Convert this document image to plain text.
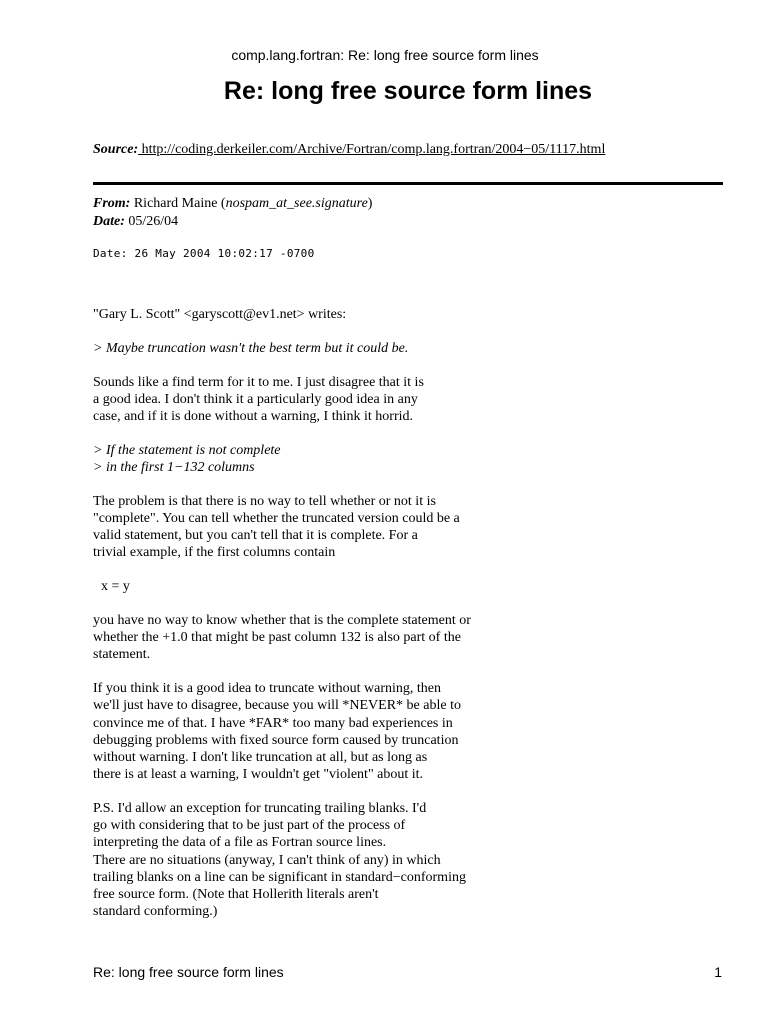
comp.lang.fortran: Re: long free source form lines
Re: long free source form lines
Source: http://coding.derkeiler.com/Archive/Fortran/comp.lang.fortran/2004−05/1117.html
From: Richard Maine (nospam_at_see.signature)
Date: 05/26/04
Date: 26 May 2004 10:02:17 -0700

"Gary L. Scott" <garyscott@ev1.net> writes:

> Maybe truncation wasn't the best term but it could be.

Sounds like a find term for it to me. I just disagree that it is
a good idea. I don't think it a particularly good idea in any
case, and if it is done without a warning, I think it horrid.

> If the statement is not complete
> in the first 1−132 columns

The problem is that there is no way to tell whether or not it is
"complete". You can tell whether the truncated version could be a
valid statement, but you can't tell that it is complete. For a
trivial example, if the first columns contain

x = y

you have no way to know whether that is the complete statement or
whether the +1.0 that might be past column 132 is also part of the
statement.

If you think it is a good idea to truncate without warning, then
we'll just have to disagree, because you will *NEVER* be able to
convince me of that. I have *FAR* too many bad experiences in
debugging problems with fixed source form caused by truncation
without warning. I don't like truncation at all, but as long as
there is at least a warning, I wouldn't get "violent" about it.

P.S. I'd allow an exception for truncating trailing blanks. I'd
go with considering that to be just part of the process of
interpreting the data of a file as Fortran source lines.
There are no situations (anyway, I can't think of any) in which
trailing blanks on a line can be significant in standard−conforming
free source form. (Note that Hollerith literals aren't
standard conforming.)

Re: long free source form lines	1
